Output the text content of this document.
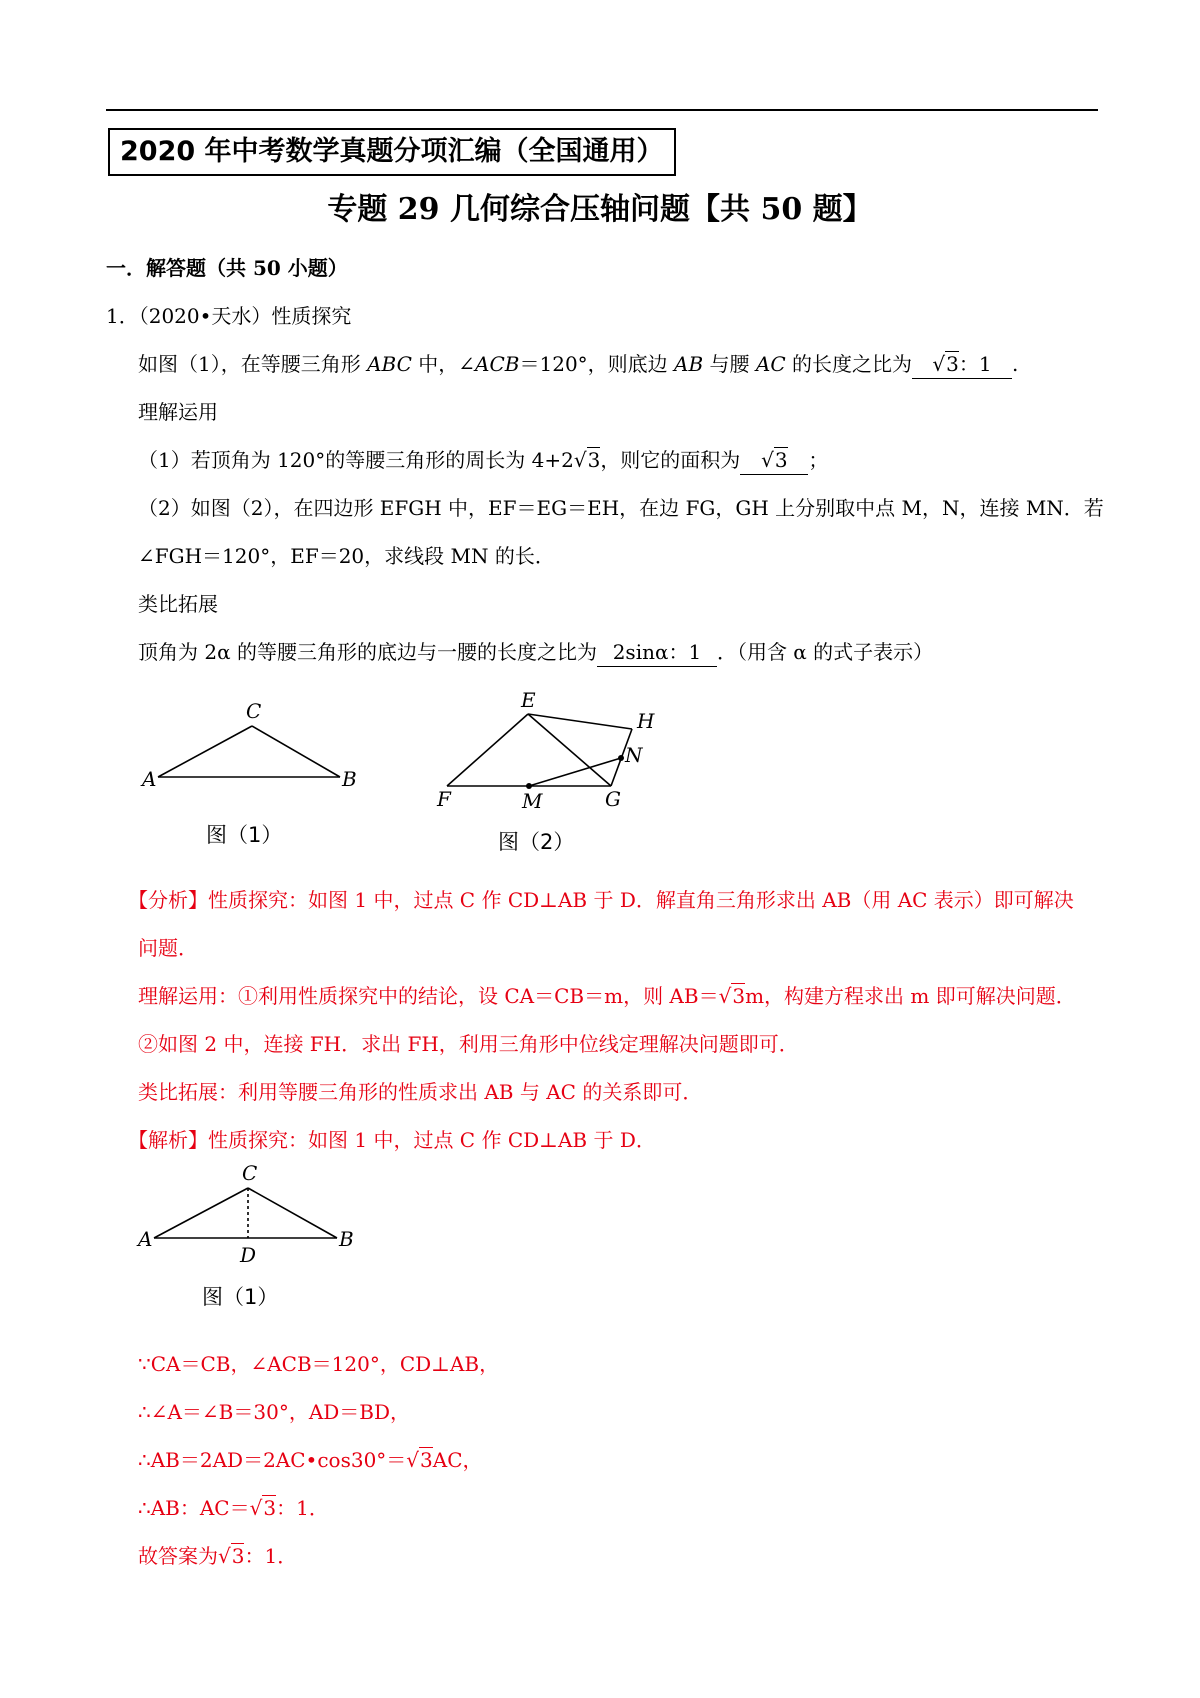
2020 年中考数学真题分项汇编（全国通用）
专题 29 几何综合压轴问题【共 50 题】
一．解答题（共 50 小题）
1．（2020•天水）性质探究
如图（1），在等腰三角形 ABC 中，∠ACB＝120°，则底边 AB 与腰 AC 的长度之比为 √3：1 .
理解运用
（1）若顶角为 120°的等腰三角形的周长为 4+2√3，则它的面积为 √3 ；
（2）如图（2），在四边形 EFGH 中，EF＝EG＝EH，在边 FG，GH 上分别取中点 M，N，连接 MN．若
∠FGH＝120°，EF＝20，求线段 MN 的长．
类比拓展
顶角为 2α 的等腰三角形的底边与一腰的长度之比为 2sinα：1 ．（用含 α 的式子表示）
C
A	B
图（1）
E
H
N
F	M	G
图（2）
【分析】性质探究：如图 1 中，过点 C 作 CD⊥AB 于 D．解直角三角形求出 AB（用 AC 表示）即可解决
问题．
理解运用：①利用性质探究中的结论，设 CA＝CB＝m，则 AB＝√3m，构建方程求出 m 即可解决问题．
②如图 2 中，连接 FH．求出 FH，利用三角形中位线定理解决问题即可．
类比拓展：利用等腰三角形的性质求出 AB 与 AC 的关系即可．
【解析】性质探究：如图 1 中，过点 C 作 CD⊥AB 于 D．
C
A
D
B
图（1）
∵CA＝CB，∠ACB＝120°，CD⊥AB，
∴∠A＝∠B＝30°，AD＝BD，
∴AB＝2AD＝2AC•cos30°＝√3AC，
∴AB：AC＝√3：1．
故答案为√3：1．
